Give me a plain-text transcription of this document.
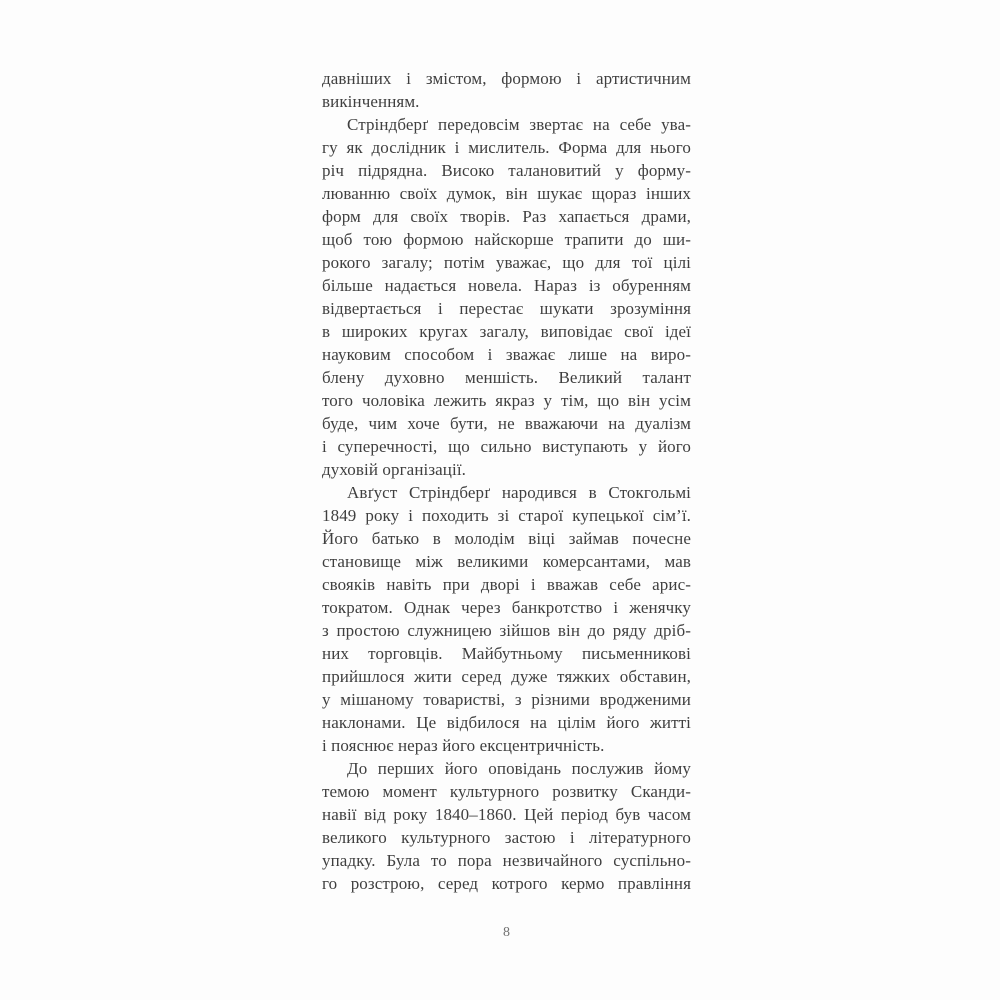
давніших і змістом, формою і артистичним
викінченням.
Стріндберґ передовсім звертає на себе ува-
гу як дослідник і мислитель. Форма для нього
річ підрядна. Високо талановитий у форму-
люванню своїх думок, він шукає щораз інших
форм для своїх творів. Раз хапається драми,
щоб тою формою найскорше трапити до ши-
рокого загалу; потім уважає, що для тої цілі
більше надається новела. Нараз із обуренням
відвертається і перестає шукати зрозуміння
в широких кругах загалу, виповідає свої ідеї
науковим способом і зважає лише на виро-
блену духовно меншість. Великий талант
того чоловіка лежить якраз у тім, що він усім
буде, чим хоче бути, не вважаючи на дуалізм
і суперечності, що сильно виступають у його
духовій організації.
Авґуст Стріндберґ народився в Стокгольмі
1849 року і походить зі старої купецької сім’ї.
Його батько в молодім віці займав почесне
становище між великими комерсантами, мав
свояків навіть при дворі і вважав себе арис-
тократом. Однак через банкротство і женячку
з простою служницею зійшов він до ряду дріб-
них торговців. Майбутньому письменникові
прийшлося жити серед дуже тяжких обставин,
у мішаному товаристві, з різними вродженими
наклонами. Це відбилося на цілім його житті
і пояснює нераз його ексцентричність.
До перших його оповідань послужив йому
темою момент культурного розвитку Сканди-
навії від року 1840–1860. Цей період був часом
великого культурного застою і літературного
упадку. Була то пора незвичайного суспільно-
го розстрою, серед котрого кермо правління
8
